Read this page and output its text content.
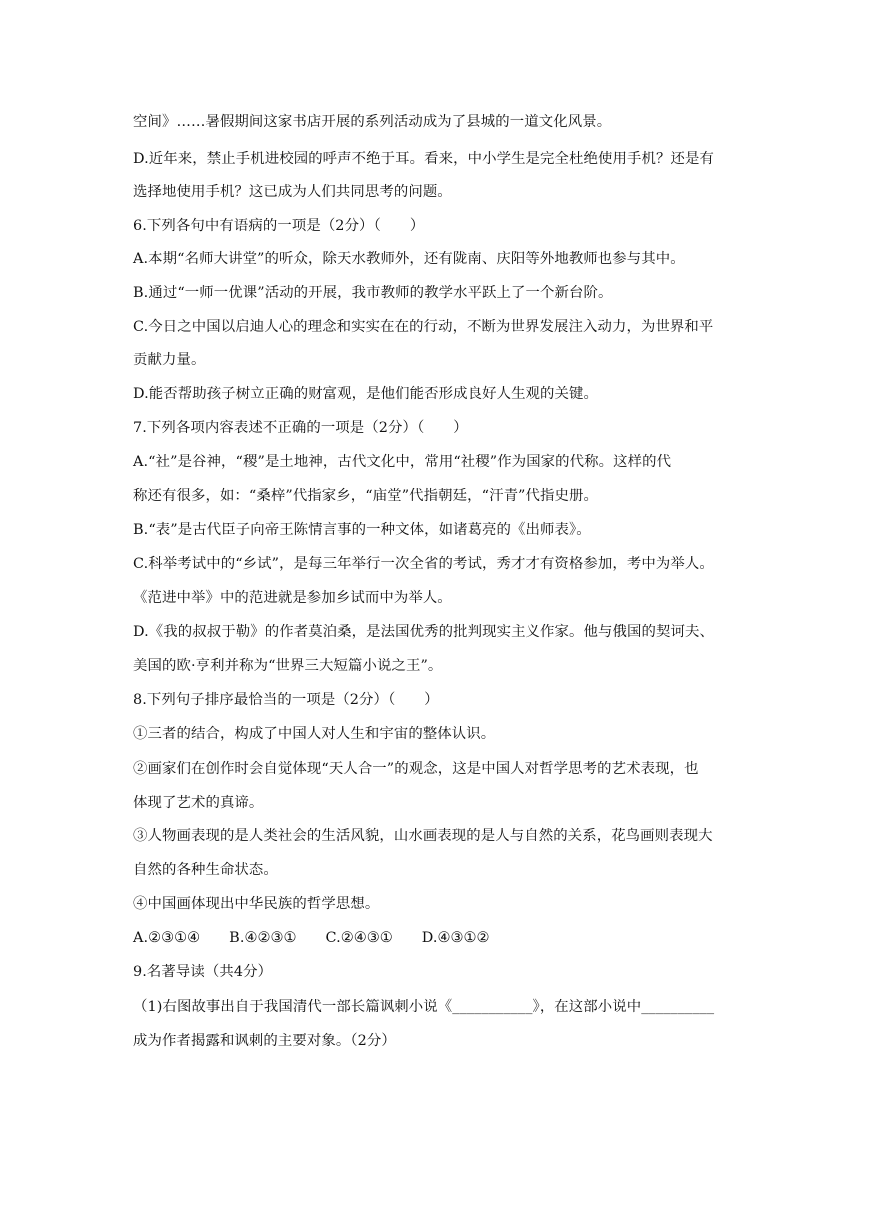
空间》……暑假期间这家书店开展的系列活动成为了县城的一道文化风景。
D.近年来，禁止手机进校园的呼声不绝于耳。看来，中小学生是完全杜绝使用手机？还是有
选择地使用手机？这已成为人们共同思考的问题。
6.下列各句中有语病的一项是（2分）（　　）
A.本期“名师大讲堂”的听众，除天水教师外，还有陇南、庆阳等外地教师也参与其中。
B.通过“一师一优课”活动的开展，我市教师的教学水平跃上了一个新台阶。
C.今日之中国以启迪人心的理念和实实在在的行动，不断为世界发展注入动力，为世界和平
贡献力量。
D.能否帮助孩子树立正确的财富观，是他们能否形成良好人生观的关键。
7.下列各项内容表述不正确的一项是（2分）（　　）
A.“社”是谷神，“稷”是土地神，古代文化中，常用“社稷”作为国家的代称。这样的代
称还有很多，如：“桑梓”代指家乡，“庙堂”代指朝廷，“汗青”代指史册。
B.“表”是古代臣子向帝王陈情言事的一种文体，如诸葛亮的《出师表》。
C.科举考试中的“乡试”，是每三年举行一次全省的考试，秀才才有资格参加，考中为举人。
《范进中举》中的范进就是参加乡试而中为举人。
D.《我的叔叔于勒》的作者莫泊桑，是法国优秀的批判现实主义作家。他与俄国的契诃夫、
美国的欧·亨利并称为“世界三大短篇小说之王”。
8.下列句子排序最恰当的一项是（2分）（　　）
①三者的结合，构成了中国人对人生和宇宙的整体认识。
②画家们在创作时会自觉体现“天人合一”的观念，这是中国人对哲学思考的艺术表现，也
体现了艺术的真谛。
③人物画表现的是人类社会的生活风貌，山水画表现的是人与自然的关系，花鸟画则表现大
自然的各种生命状态。
④中国画体现出中华民族的哲学思想。
A.②③①④　　B.④②③①　　C.②④③①　　D.④③①②
9.名著导读（共4分）
（1)右图故事出自于我国清代一部长篇讽刺小说《___________》，在这部小说中__________
成为作者揭露和讽刺的主要对象。（2分）
